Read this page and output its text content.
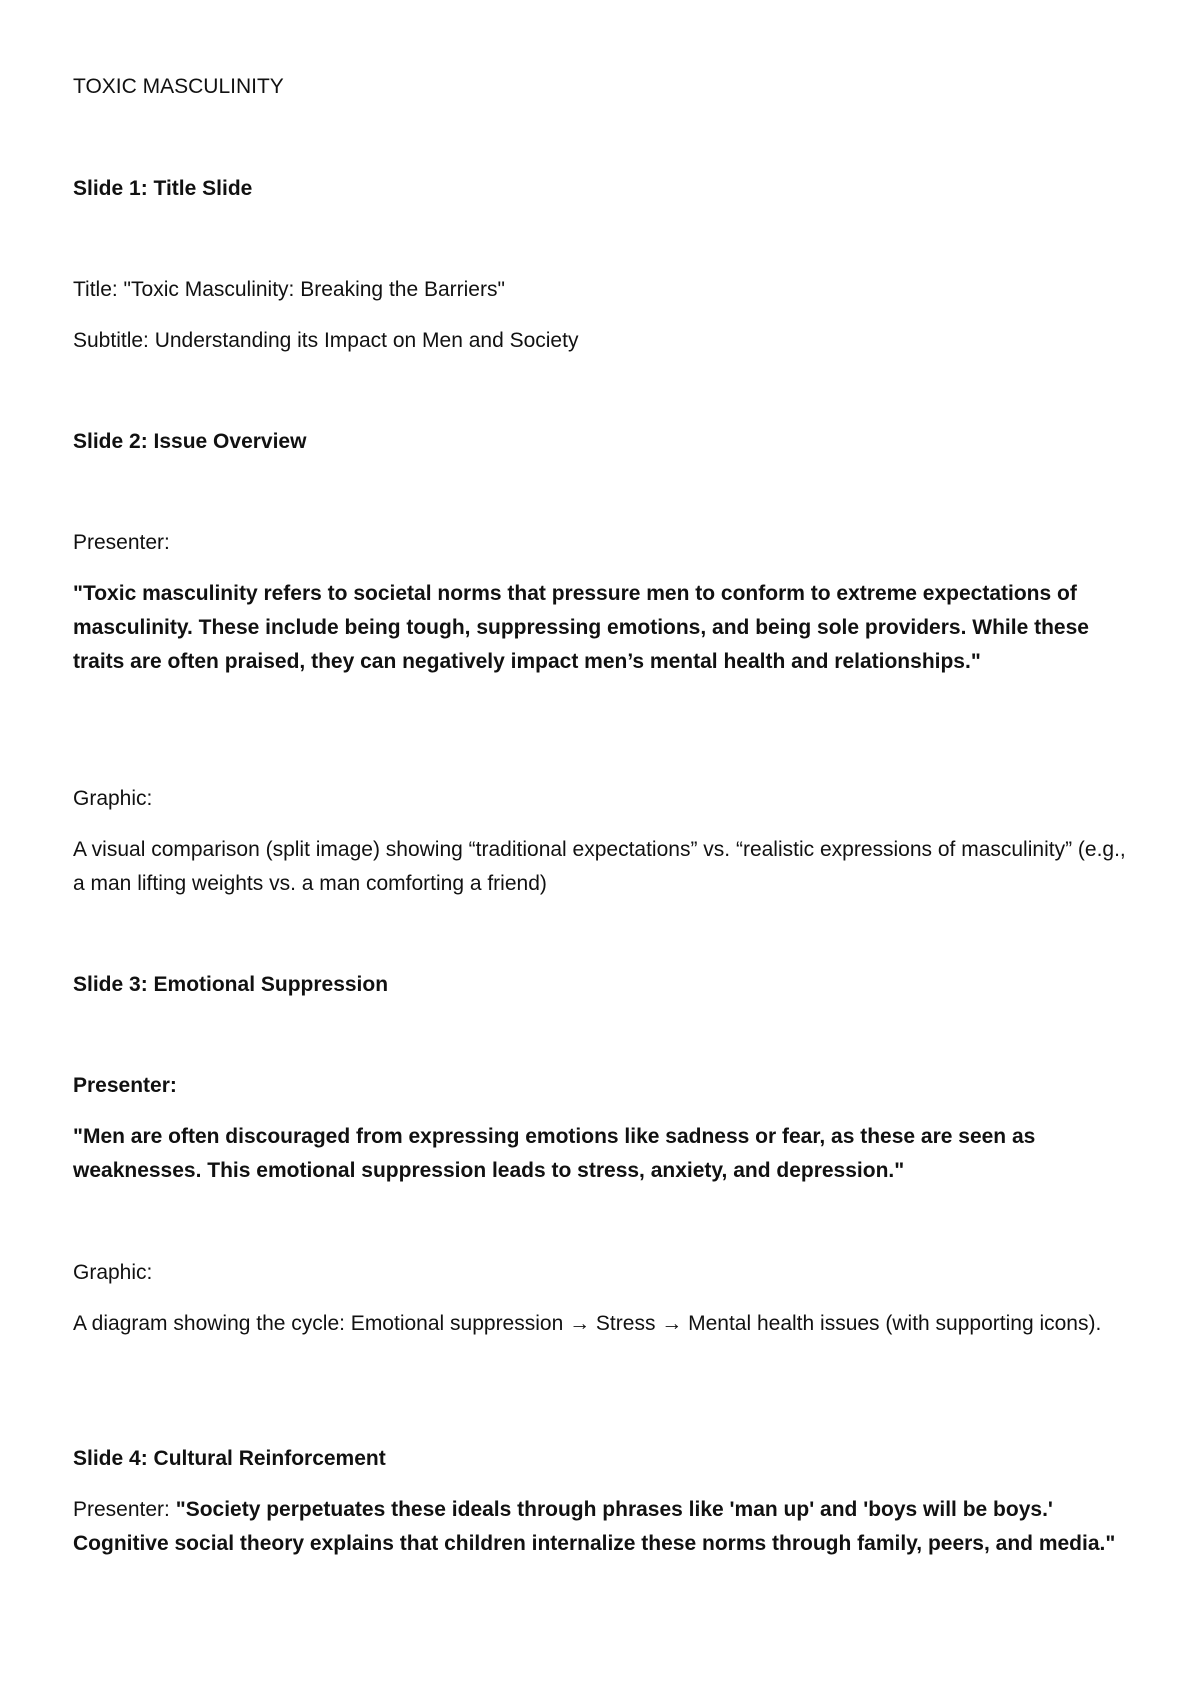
TOXIC MASCULINITY

Slide 1: Title Slide

Title: "Toxic Masculinity: Breaking the Barriers"

Subtitle: Understanding its Impact on Men and Society

Slide 2: Issue Overview

Presenter:

"Toxic masculinity refers to societal norms that pressure men to conform to extreme expectations of masculinity. These include being tough, suppressing emotions, and being sole providers. While these traits are often praised, they can negatively impact men’s mental health and relationships."

Graphic:

A visual comparison (split image) showing “traditional expectations” vs. “realistic expressions of masculinity” (e.g., a man lifting weights vs. a man comforting a friend)

Slide 3: Emotional Suppression

Presenter:

"Men are often discouraged from expressing emotions like sadness or fear, as these are seen as weaknesses. This emotional suppression leads to stress, anxiety, and depression."

Graphic:

A diagram showing the cycle: Emotional suppression → Stress → Mental health issues (with supporting icons).

Slide 4: Cultural Reinforcement

Presenter: "Society perpetuates these ideals through phrases like 'man up' and 'boys will be boys.' Cognitive social theory explains that children internalize these norms through family, peers, and media."
